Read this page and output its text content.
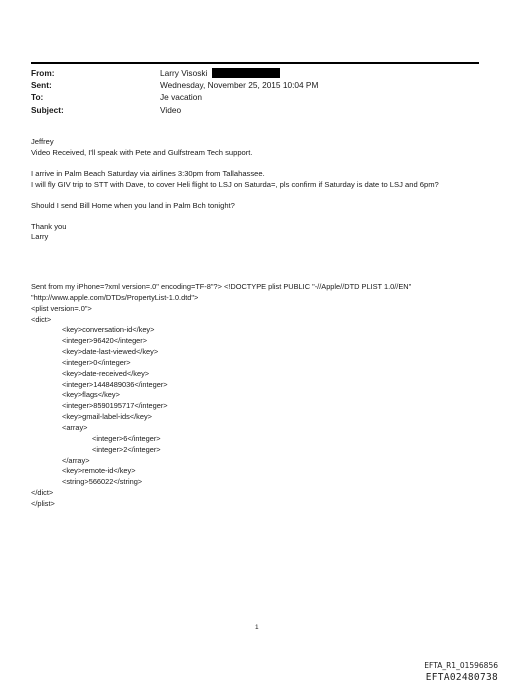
From:	Larry Visoski
Sent:	Wednesday, November 25, 2015 10:04 PM
To:	Je vacation
Subject:	Video

Jeffrey

Video Received, I'll speak with Pete and Gulfstream Tech support.

I arrive in Palm Beach Saturday via airlines 3:30pm from Tallahassee.

I will fly GIV trip to STT with Dave, to cover Heli flight to LSJ on Saturda=, pls confirm if Saturday is date to LSJ and 6pm?

Should I send Bill Home when you land in Palm Bch tonight?

Thank you

Larry

Sent from my iPhone=?xml version=.0" encoding=TF-8"?> <!DOCTYPE plist PUBLIC "-//Apple//DTD PLIST 1.0//EN"
"http://www.apple.com/DTDs/PropertyList-1.0.dtd">
<plist version=.0">
<dict>
<key>conversation-id</key>
<integer>96420</integer>
<key>date-last-viewed</key>
<integer>0</integer>
<key>date-received</key>
<integer>1448489036</integer>
<key>flags</key>
<integer>8590195717</integer>
<key>gmail-label-ids</key>
<array>
<integer>6</integer>
<integer>2</integer>
</array>
<key>remote-id</key>
<string>566022</string>
</dict>
</plist>
1
EFTA_R1_01596856
EFTA02480738
